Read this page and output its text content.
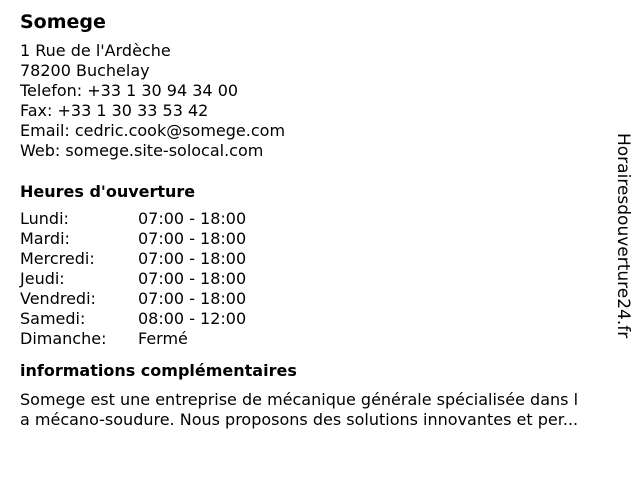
Somege
1 Rue de l'Ardèche
78200 Buchelay
Telefon: +33 1 30 94 34 00
Fax: +33 1 30 33 53 42
Email: cedric.cook@somege.com
Web: somege.site-solocal.com
Heures d'ouverture
Lundi:	07:00 - 18:00
Mardi:	07:00 - 18:00
Mercredi:	07:00 - 18:00
Jeudi:	07:00 - 18:00
Vendredi:	07:00 - 18:00
Samedi:	08:00 - 12:00
Dimanche:	Fermé
informations complémentaires
Somege est une entreprise de mécanique générale spécialisée dans l
a mécano-soudure. Nous proposons des solutions innovantes et per...
Horairesdouverture24.fr
